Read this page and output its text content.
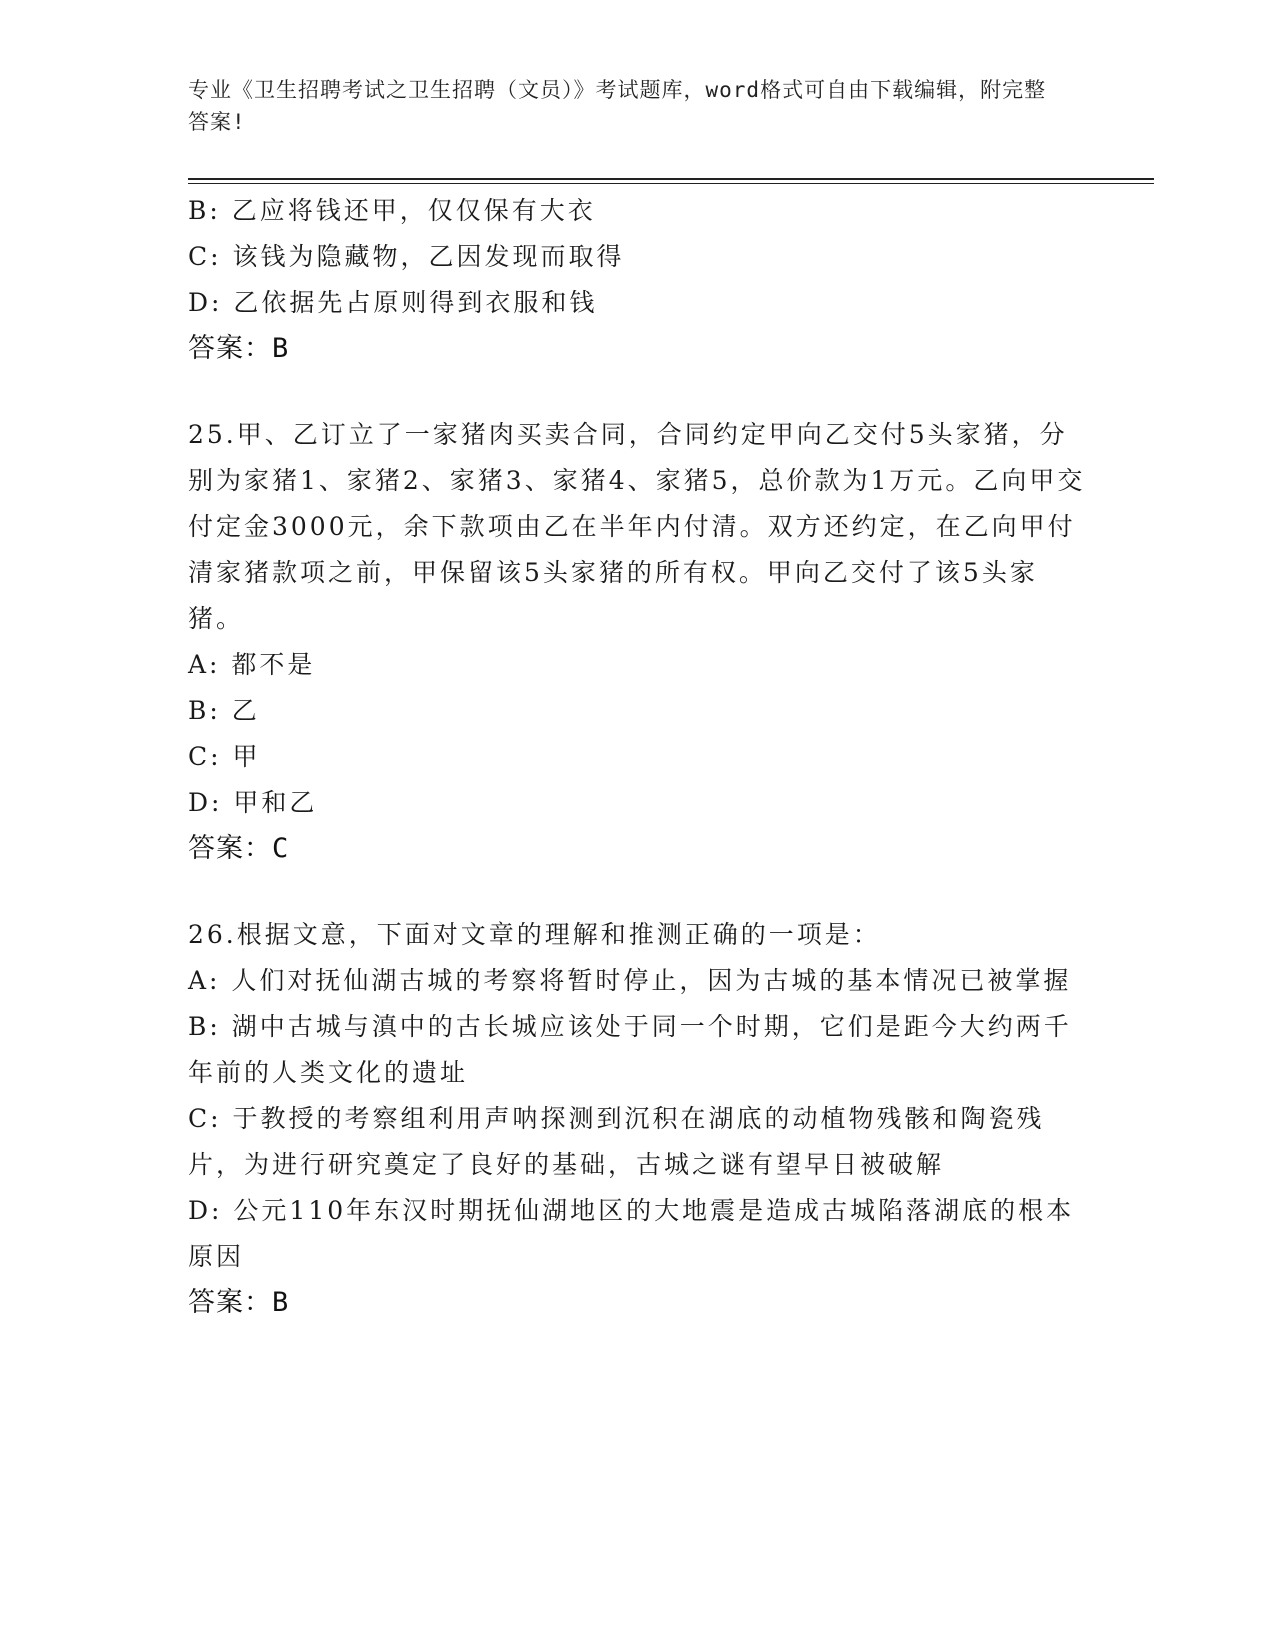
专业《卫生招聘考试之卫生招聘（文员）》考试题库，word格式可自由下载编辑，附完整答案!
B: 乙应将钱还甲，仅仅保有大衣
C: 该钱为隐藏物，乙因发现而取得
D: 乙依据先占原则得到衣服和钱
答案：B
25.甲、乙订立了一家猪肉买卖合同，合同约定甲向乙交付5头家猪，分别为家猪1、家猪2、家猪3、家猪4、家猪5，总价款为1万元。乙向甲交付定金3000元，余下款项由乙在半年内付清。双方还约定，在乙向甲付清家猪款项之前，甲保留该5头家猪的所有权。甲向乙交付了该5头家猪。
A: 都不是
B: 乙
C: 甲
D: 甲和乙
答案：C
26.根据文意，下面对文章的理解和推测正确的一项是：
A: 人们对抚仙湖古城的考察将暂时停止，因为古城的基本情况已被掌握
B: 湖中古城与滇中的古长城应该处于同一个时期，它们是距今大约两千年前的人类文化的遗址
C: 于教授的考察组利用声呐探测到沉积在湖底的动植物残骸和陶瓷残片，为进行研究奠定了良好的基础，古城之谜有望早日被破解
D: 公元110年东汉时期抚仙湖地区的大地震是造成古城陷落湖底的根本原因
答案：B
